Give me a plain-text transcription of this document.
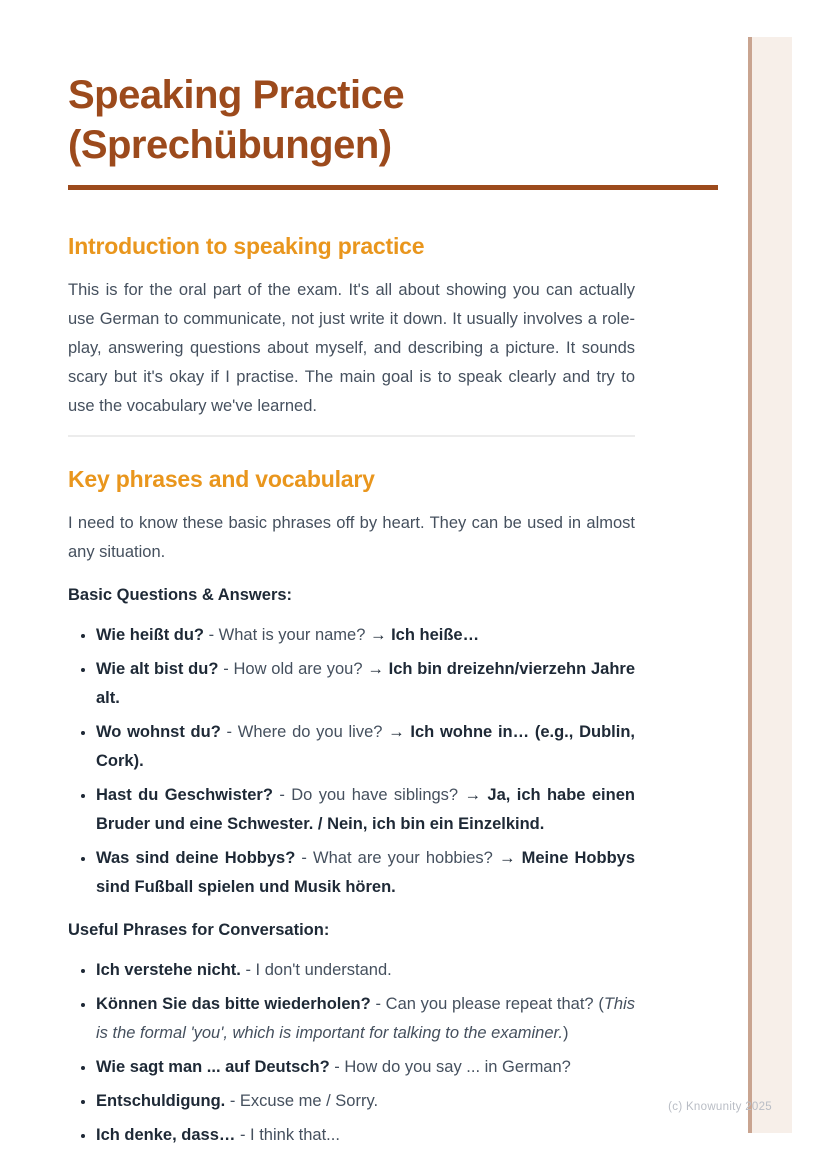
Speaking Practice (Sprechübungen)
Introduction to speaking practice

This is for the oral part of the exam. It's all about showing you can actually use German to communicate, not just write it down. It usually involves a role-play, answering questions about myself, and describing a picture. It sounds scary but it's okay if I practise. The main goal is to speak clearly and try to use the vocabulary we've learned.

Key phrases and vocabulary

I need to know these basic phrases off by heart. They can be used in almost any situation.

Basic Questions & Answers:

• Wie heißt du? - What is your name? → Ich heiße…
• Wie alt bist du? - How old are you? → Ich bin dreizehn/vierzehn Jahre alt.
• Wo wohnst du? - Where do you live? → Ich wohne in… (e.g., Dublin, Cork).
• Hast du Geschwister? - Do you have siblings? → Ja, ich habe einen Bruder und eine Schwester. / Nein, ich bin ein Einzelkind.
• Was sind deine Hobbys? - What are your hobbies? → Meine Hobbys sind Fußball spielen und Musik hören.

Useful Phrases for Conversation:

• Ich verstehe nicht. - I don't understand.
• Können Sie das bitte wiederholen? - Can you please repeat that? (This is the formal 'you', which is important for talking to the examiner.)
• Wie sagt man ... auf Deutsch? - How do you say ... in German?
• Entschuldigung. - Excuse me / Sorry.
• Ich denke, dass… - I think that...
(c) Knowunity 2025
